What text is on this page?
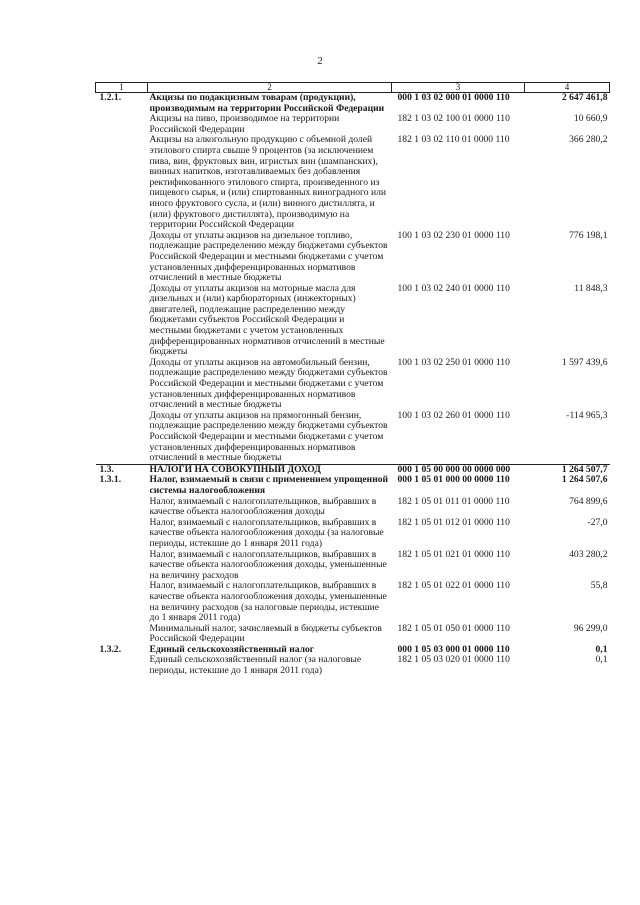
2
1	2	3	4
1.2.1.	Акцизы по подакцизным товарам (продукции), производимым на территории Российской Федерации	000 1 03 02 000 01 0000 110	2 647 461,8
	Акцизы на пиво, производимое на территории Российской Федерации	182 1 03 02 100 01 0000 110	10 660,9
	Акцизы на алкогольную продукцию с объемной долей этилового спирта свыше 9 процентов (за исключением пива, вин, фруктовых вин, игристых вин (шампанских), винных напитков, изготавливаемых без добавления ректификованного этилового спирта, произведенного из пищевого сырья, и (или) спиртованных виноградного или иного фруктового сусла, и (или) винного дистиллята, и (или) фруктового дистиллята), производимую на территории Российской Федерации	182 1 03 02 110 01 0000 110	366 280,2
	Доходы от уплаты акцизов на дизельное топливо, подлежащие распределению между бюджетами субъектов Российской Федерации и местными бюджетами с учетом установленных дифференцированных нормативов отчислений в местные бюджеты	100 1 03 02 230 01 0000 110	776 198,1
	Доходы от уплаты акцизов на моторные масла для дизельных и (или) карбюраторных (инжекторных) двигателей, подлежащие распределению между бюджетами субъектов Российской Федерации и местными бюджетами с учетом установленных дифференцированных нормативов отчислений в местные бюджеты	100 1 03 02 240 01 0000 110	11 848,3
	Доходы от уплаты акцизов на автомобильный бензин, подлежащие распределению между бюджетами субъектов Российской Федерации и местными бюджетами с учетом установленных дифференцированных нормативов отчислений в местные бюджеты	100 1 03 02 250 01 0000 110	1 597 439,6
	Доходы от уплаты акцизов на прямогонный бензин, подлежащие распределению между бюджетами субъектов Российской Федерации и местными бюджетами с учетом установленных дифференцированных нормативов отчислений в местные бюджеты	100 1 03 02 260 01 0000 110	-114 965,3
1.3.	НАЛОГИ НА СОВОКУПНЫЙ ДОХОД	000 1 05 00 000 00 0000 000	1 264 507,7
1.3.1.	Налог, взимаемый в связи с применением упрощенной системы налогообложения	000 1 05 01 000 00 0000 110	1 264 507,6
	Налог, взимаемый с налогоплательщиков, выбравших в качестве объекта налогообложения доходы	182 1 05 01 011 01 0000 110	764 899,6
	Налог, взимаемый с налогоплательщиков, выбравших в качестве объекта налогообложения доходы (за налоговые периоды, истекшие до 1 января 2011 года)	182 1 05 01 012 01 0000 110	-27,0
	Налог, взимаемый с налогоплательщиков, выбравших в качестве объекта налогообложения доходы, уменьшенные на величину расходов	182 1 05 01 021 01 0000 110	403 280,2
	Налог, взимаемый с налогоплательщиков, выбравших в качестве объекта налогообложения доходы, уменьшенные на величину расходов (за налоговые периоды, истекшие до 1 января 2011 года)	182 1 05 01 022 01 0000 110	55,8
	Минимальный налог, зачисляемый в бюджеты субъектов Российской Федерации	182 1 05 01 050 01 0000 110	96 299,0
1.3.2.	Единый сельскохозяйственный налог	000 1 05 03 000 01 0000 110	0,1
	Единый сельскохозяйственный налог (за налоговые периоды, истекшие до 1 января 2011 года)	182 1 05 03 020 01 0000 110	0,1
